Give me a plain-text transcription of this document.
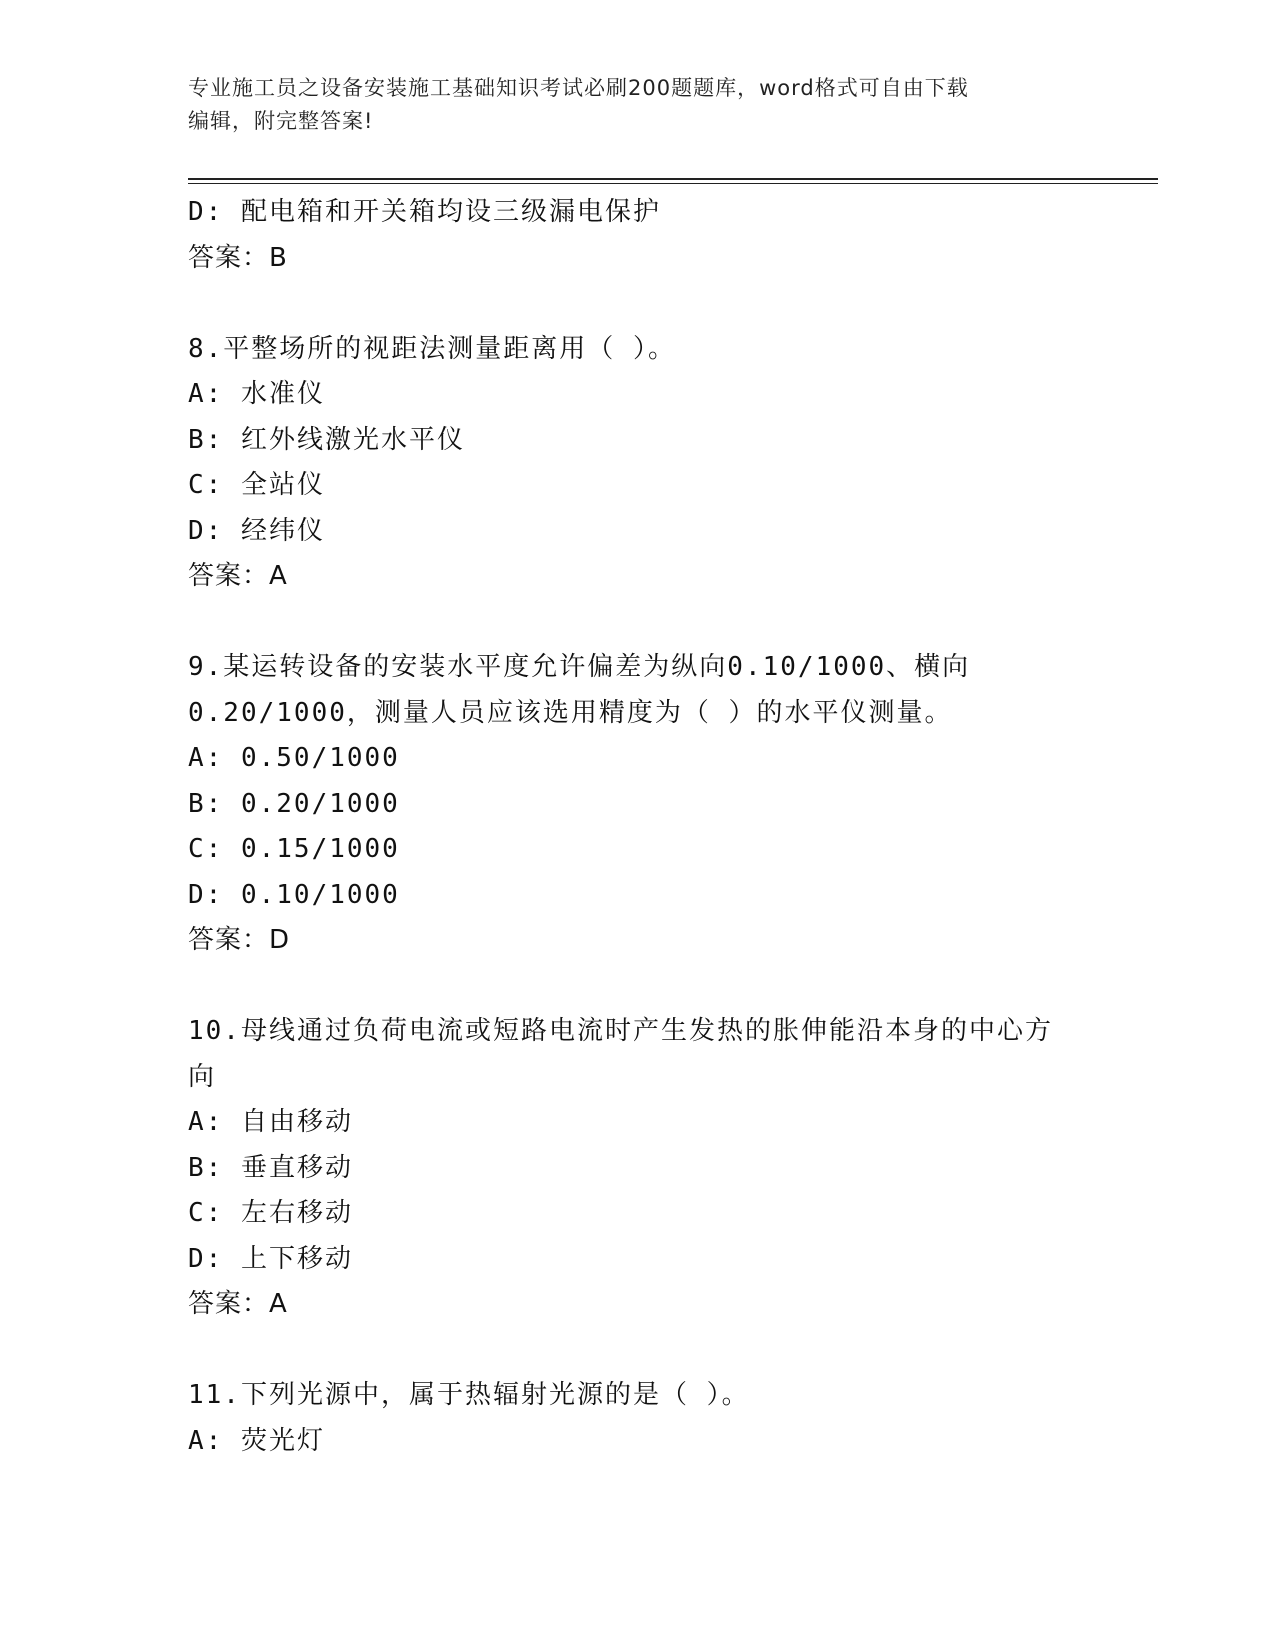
专业施工员之设备安装施工基础知识考试必刷200题题库，word格式可自由下载
编辑，附完整答案!

D: 配电箱和开关箱均设三级漏电保护

答案：B

8.平整场所的视距法测量距离用（ ）。

A: 水准仪

B: 红外线激光水平仪

C: 全站仪

D: 经纬仪

答案：A

9.某运转设备的安装水平度允许偏差为纵向0.10/1000、横向

0.20/1000，测量人员应该选用精度为（ ）的水平仪测量。

A: 0.50/1000

B: 0.20/1000

C: 0.15/1000

D: 0.10/1000

答案：D

10.母线通过负荷电流或短路电流时产生发热的胀伸能沿本身的中心方

向

A: 自由移动

B: 垂直移动

C: 左右移动

D: 上下移动

答案：A

11.下列光源中，属于热辐射光源的是（ ）。

A: 荧光灯
